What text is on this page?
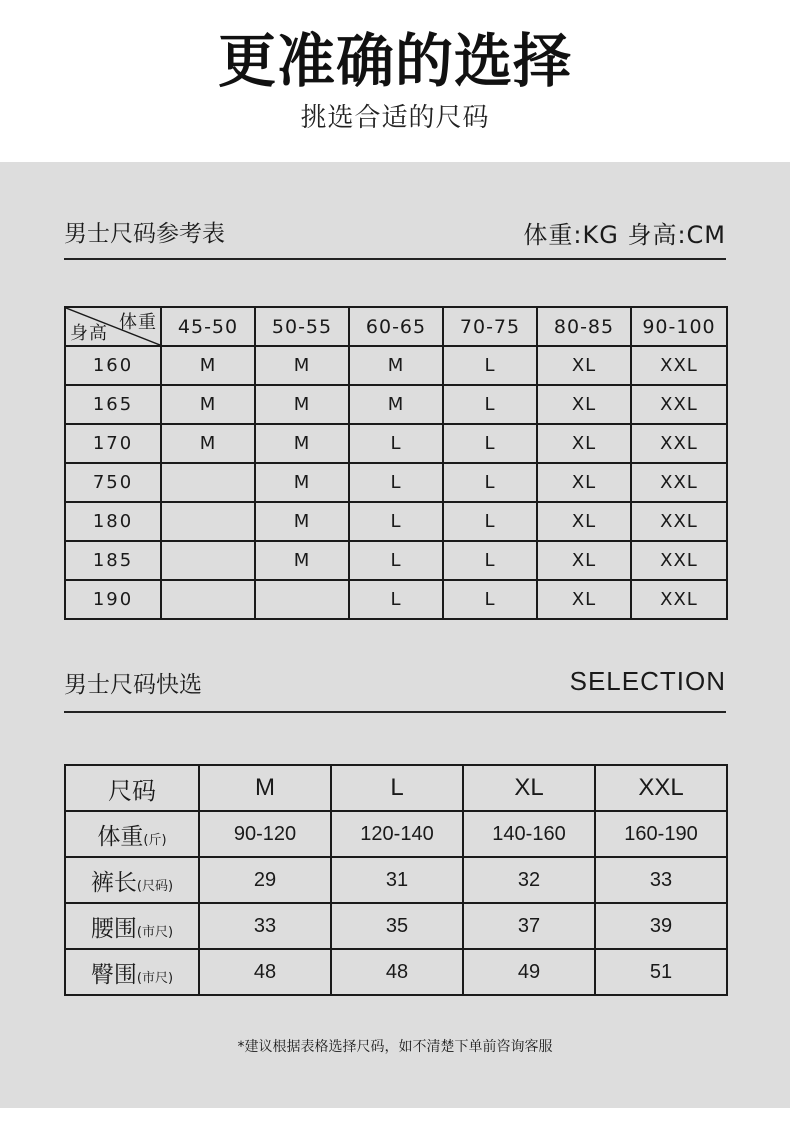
更准确的选择
挑选合适的尺码
男士尺码参考表	体重:KG 身高:CM
体重
身高	45-50	50-55	60-65	70-75	80-85	90-100
160	M	M	M	L	XL	XXL
165	M	M	M	L	XL	XXL
170	M	M	L	L	XL	XXL
750		M	L	L	XL	XXL
180		M	L	L	XL	XXL
185		M	L	L	XL	XXL
190			L	L	XL	XXL
男士尺码快选	SELECTION
尺码	M	L	XL	XXL
体重(斤)	90-120	120-140	140-160	160-190
裤长(尺码)	29	31	32	33
腰围(市尺)	33	35	37	39
臀围(市尺)	48	48	49	51
*建议根据表格选择尺码，如不清楚下单前咨询客服
